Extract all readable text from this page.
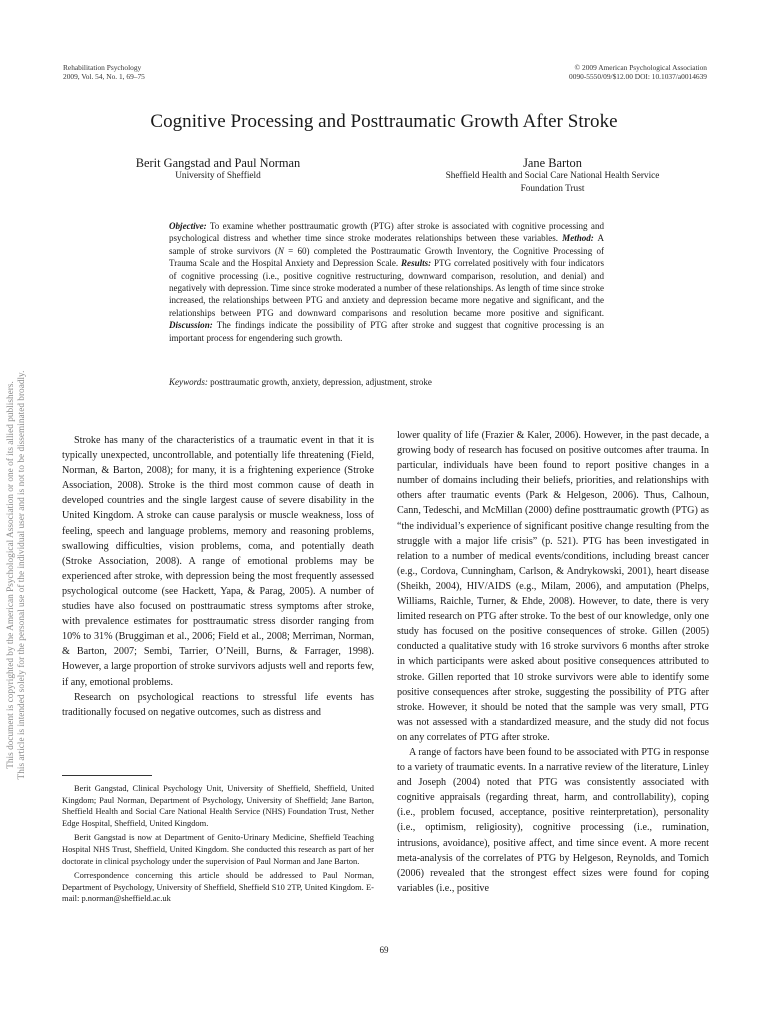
Rehabilitation Psychology
2009, Vol. 54, No. 1, 69–75
© 2009 American Psychological Association
0090-5550/09/$12.00 DOI: 10.1037/a0014639
Cognitive Processing and Posttraumatic Growth After Stroke
Berit Gangstad and Paul Norman
University of Sheffield
Jane Barton
Sheffield Health and Social Care National Health Service
Foundation Trust
Objective: To examine whether posttraumatic growth (PTG) after stroke is associated with cognitive processing and psychological distress and whether time since stroke moderates relationships between these variables. Method: A sample of stroke survivors (N = 60) completed the Posttraumatic Growth Inventory, the Cognitive Processing of Trauma Scale and the Hospital Anxiety and Depression Scale. Results: PTG correlated positively with four indicators of cognitive processing (i.e., positive cognitive restructuring, downward comparison, resolution, and denial) and negatively with depression. Time since stroke moderated a number of these relationships. As length of time since stroke increased, the relationships between PTG and anxiety and depression became more negative and significant, and the relationships between PTG and downward comparisons and resolution became more positive and significant. Discussion: The findings indicate the possibility of PTG after stroke and suggest that cognitive processing is an important process for engendering such growth.
Keywords: posttraumatic growth, anxiety, depression, adjustment, stroke

Stroke has many of the characteristics of a traumatic event in that it is typically unexpected, uncontrollable, and potentially life threatening (Field, Norman, & Barton, 2008); for many, it is a frightening experience (Stroke Association, 2008). Stroke is the third most common cause of death in developed countries and the single largest cause of severe disability in the United Kingdom. A stroke can cause paralysis or muscle weakness, loss of feeling, speech and language problems, memory and reasoning problems, swallowing difficulties, vision problems, coma, and potentially death (Stroke Association, 2008). A range of emotional problems may be experienced after stroke, with depression being the most frequently assessed psychological outcome (see Hackett, Yapa, & Parag, 2005). A number of studies have also focused on posttraumatic stress symptoms after stroke, with prevalence estimates for posttraumatic stress disorder ranging from 10% to 31% (Bruggiman et al., 2006; Field et al., 2008; Merriman, Norman, & Barton, 2007; Sembi, Tarrier, O’Neill, Burns, & Farrager, 1998). However, a large proportion of stroke survivors adjusts well and reports few, if any, emotional problems.

Research on psychological reactions to stressful life events has traditionally focused on negative outcomes, such as distress and

lower quality of life (Frazier & Kaler, 2006). However, in the past decade, a growing body of research has focused on positive outcomes after trauma. In particular, individuals have been found to report positive changes in a number of domains including their beliefs, priorities, and relationships with others after traumatic events (Park & Helgeson, 2006). Thus, Calhoun, Cann, Tedeschi, and McMillan (2000) define posttraumatic growth (PTG) as “the individual’s experience of significant positive change resulting from the struggle with a major life crisis” (p. 521). PTG has been investigated in relation to a number of medical events/conditions, including breast cancer (e.g., Cordova, Cunningham, Carlson, & Andrykowski, 2001), heart disease (Sheikh, 2004), HIV/AIDS (e.g., Milam, 2006), and amputation (Phelps, Williams, Raichle, Turner, & Ehde, 2008). However, to date, there is very limited research on PTG after stroke. To the best of our knowledge, only one study has focused on the positive consequences of stroke. Gillen (2005) conducted a qualitative study with 16 stroke survivors 6 months after stroke in which participants were asked about positive consequences attributed to stroke. Gillen reported that 10 stroke survivors were able to identify some positive consequences after stroke, suggesting the possibility of PTG after stroke. However, it should be noted that the sample was very small, PTG was not assessed with a standardized measure, and the study did not focus on any correlates of PTG after stroke.

A range of factors have been found to be associated with PTG in response to a variety of traumatic events. In a narrative review of the literature, Linley and Joseph (2004) noted that PTG was consistently associated with cognitive appraisals (regarding threat, harm, and controllability), coping (i.e., problem focused, acceptance, positive reinterpretation), personality (i.e., optimism, religiosity), cognitive processing (i.e., rumination, intrusions, avoidance), positive affect, and time since event. A more recent meta-analysis of the correlates of PTG by Helgeson, Reynolds, and Tomich (2006) revealed that the strongest effect sizes were found for coping variables (i.e., positive

Berit Gangstad, Clinical Psychology Unit, University of Sheffield, Sheffield, United Kingdom; Paul Norman, Department of Psychology, University of Sheffield; Jane Barton, Sheffield Health and Social Care National Health Service (NHS) Foundation Trust, Nether Edge Hospital, Sheffield, United Kingdom.

Berit Gangstad is now at Department of Genito-Urinary Medicine, Sheffield Teaching Hospital NHS Trust, Sheffield, United Kingdom. She conducted this research as part of her doctorate in clinical psychology under the supervision of Paul Norman and Jane Barton.

Correspondence concerning this article should be addressed to Paul Norman, Department of Psychology, University of Sheffield, Sheffield S10 2TP, United Kingdom. E-mail: p.norman@sheffield.ac.uk

69
This document is copyrighted by the American Psychological Association or one of its allied publishers. This article is intended solely for the personal use of the individual user and is not to be disseminated broadly.
